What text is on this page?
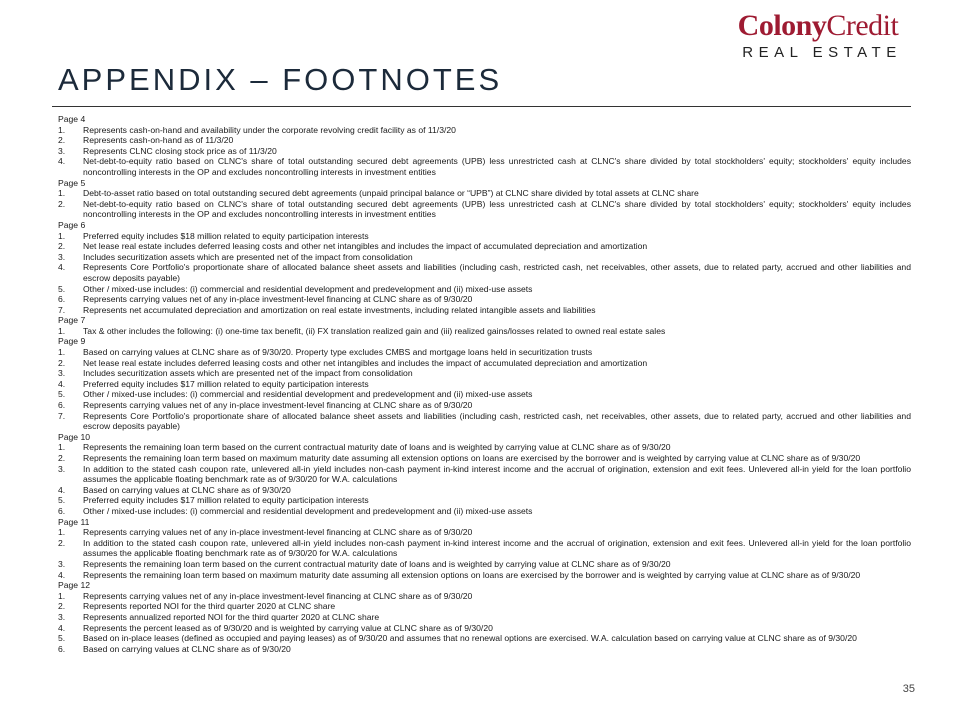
ColonyCredit
REAL ESTATE
APPENDIX – FOOTNOTES
Page 4
1. Represents cash-on-hand and availability under the corporate revolving credit facility as of 11/3/20
2. Represents cash-on-hand as of 11/3/20
3. Represents CLNC closing stock price as of 11/3/20
4. Net-debt-to-equity ratio based on CLNC's share of total outstanding secured debt agreements (UPB) less unrestricted cash at CLNC's share divided by total stockholders' equity; stockholders' equity includes noncontrolling interests in the OP and excludes noncontrolling interests in investment entities
Page 5
1. Debt-to-asset ratio based on total outstanding secured debt agreements (unpaid principal balance or “UPB”) at CLNC share divided by total assets at CLNC share
2. Net-debt-to-equity ratio based on CLNC's share of total outstanding secured debt agreements (UPB) less unrestricted cash at CLNC's share divided by total stockholders' equity; stockholders' equity includes noncontrolling interests in the OP and excludes noncontrolling interests in investment entities
Page 6
1. Preferred equity includes $18 million related to equity participation interests
2. Net lease real estate includes deferred leasing costs and other net intangibles and includes the impact of accumulated depreciation and amortization
3. Includes securitization assets which are presented net of the impact from consolidation
4. Represents Core Portfolio's proportionate share of allocated balance sheet assets and liabilities (including cash, restricted cash, net receivables, other assets, due to related party, accrued and other liabilities and escrow deposits payable)
5. Other / mixed-use includes: (i) commercial and residential development and predevelopment and (ii) mixed-use assets
6. Represents carrying values net of any in-place investment-level financing at CLNC share as of 9/30/20
7. Represents net accumulated depreciation and amortization on real estate investments, including related intangible assets and liabilities
Page 7
1. Tax & other includes the following: (i) one-time tax benefit, (ii) FX translation realized gain and (iii) realized gains/losses related to owned real estate sales
Page 9
1. Based on carrying values at CLNC share as of 9/30/20. Property type excludes CMBS and mortgage loans held in securitization trusts
2. Net lease real estate includes deferred leasing costs and other net intangibles and includes the impact of accumulated depreciation and amortization
3. Includes securitization assets which are presented net of the impact from consolidation
4. Preferred equity includes $17 million related to equity participation interests
5. Other / mixed-use includes: (i) commercial and residential development and predevelopment and (ii) mixed-use assets
6. Represents carrying values net of any in-place investment-level financing at CLNC share as of 9/30/20
7. Represents Core Portfolio's proportionate share of allocated balance sheet assets and liabilities (including cash, restricted cash, net receivables, other assets, due to related party, accrued and other liabilities and escrow deposits payable)
Page 10
1. Represents the remaining loan term based on the current contractual maturity date of loans and is weighted by carrying value at CLNC share as of 9/30/20
2. Represents the remaining loan term based on maximum maturity date assuming all extension options on loans are exercised by the borrower and is weighted by carrying value at CLNC share as of 9/30/20
3. In addition to the stated cash coupon rate, unlevered all-in yield includes non-cash payment in-kind interest income and the accrual of origination, extension and exit fees. Unlevered all-in yield for the loan portfolio assumes the applicable floating benchmark rate as of 9/30/20 for W.A. calculations
4. Based on carrying values at CLNC share as of 9/30/20
5. Preferred equity includes $17 million related to equity participation interests
6. Other / mixed-use includes: (i) commercial and residential development and predevelopment and (ii) mixed-use assets
Page 11
1. Represents carrying values net of any in-place investment-level financing at CLNC share as of 9/30/20
2. In addition to the stated cash coupon rate, unlevered all-in yield includes non-cash payment in-kind interest income and the accrual of origination, extension and exit fees. Unlevered all-in yield for the loan portfolio assumes the applicable floating benchmark rate as of 9/30/20 for W.A. calculations
3. Represents the remaining loan term based on the current contractual maturity date of loans and is weighted by carrying value at CLNC share as of 9/30/20
4. Represents the remaining loan term based on maximum maturity date assuming all extension options on loans are exercised by the borrower and is weighted by carrying value at CLNC share as of 9/30/20
Page 12
1. Represents carrying values net of any in-place investment-level financing at CLNC share as of 9/30/20
2. Represents reported NOI for the third quarter 2020 at CLNC share
3. Represents annualized reported NOI for the third quarter 2020 at CLNC share
4. Represents the percent leased as of 9/30/20 and is weighted by carrying value at CLNC share as of 9/30/20
5. Based on in-place leases (defined as occupied and paying leases) as of 9/30/20 and assumes that no renewal options are exercised. W.A. calculation based on carrying value at CLNC share as of 9/30/20
6. Based on carrying values at CLNC share as of 9/30/20
35
